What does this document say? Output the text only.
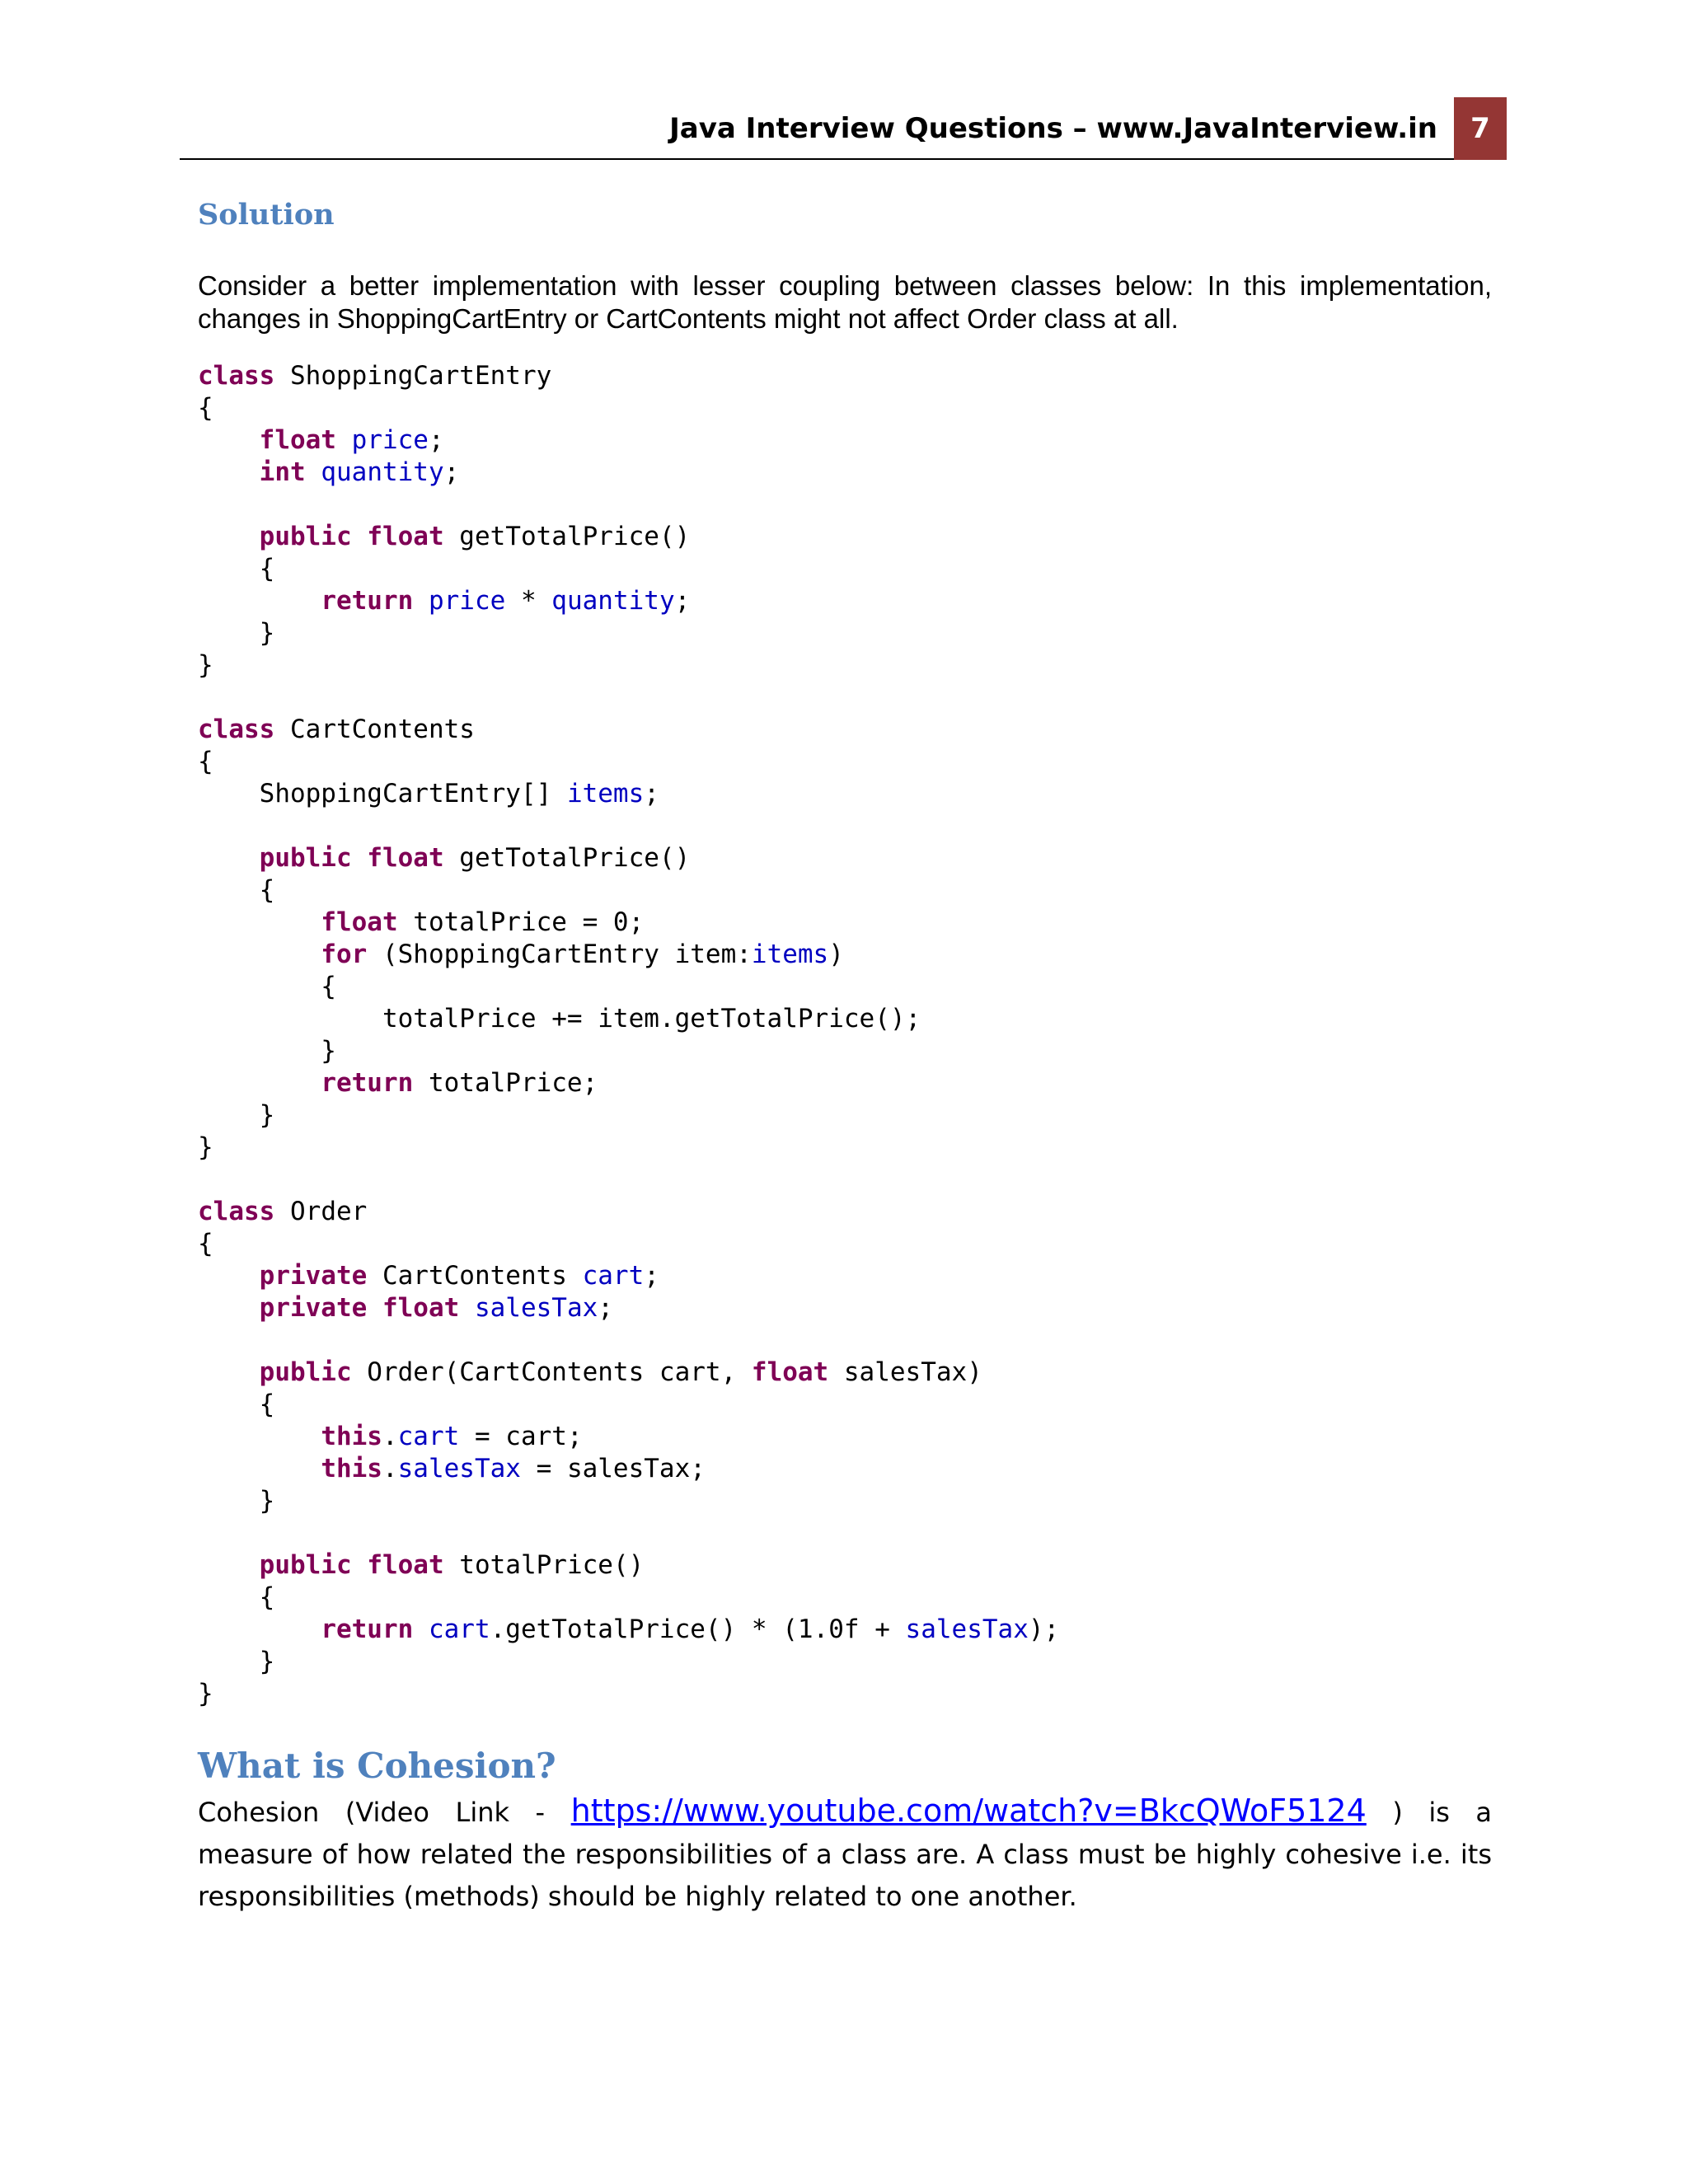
Java Interview Questions – www.JavaInterview.in	7
Solution
Consider a better implementation with lesser coupling between classes below: In this implementation, changes in ShoppingCartEntry or CartContents might not affect Order class at all.
class ShoppingCartEntry
{
float price;
int quantity;

public float getTotalPrice()
{
return price * quantity;
}
}

class CartContents
{
ShoppingCartEntry[] items;

public float getTotalPrice()
{
float totalPrice = 0;
for (ShoppingCartEntry item:items)
{
totalPrice += item.getTotalPrice();
}
return totalPrice;
}
}

class Order
{
private CartContents cart;
private float salesTax;

public Order(CartContents cart, float salesTax)
{
this.cart = cart;
this.salesTax = salesTax;
}

public float totalPrice()
{
return cart.getTotalPrice() * (1.0f + salesTax);
}
}
What is Cohesion?
Cohesion (Video Link - https://www.youtube.com/watch?v=BkcQWoF5124 ) is a measure of how related the responsibilities of a class are. A class must be highly cohesive i.e. its responsibilities (methods) should be highly related to one another.
